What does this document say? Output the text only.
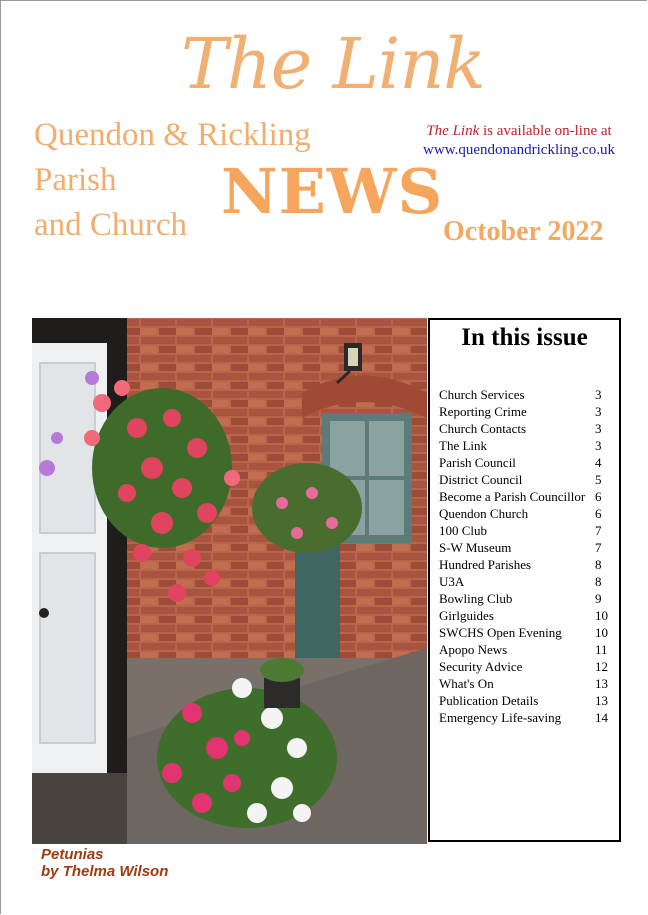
The Link
Quendon & Rickling
Parish
and Church NEWS
The Link is available on-line at
www.quendonandrickling.co.uk
October 2022
Petunias
by Thelma Wilson
In this issue
Church Services	3
Reporting Crime	3
Church Contacts	3
The Link	3
Parish Council	4
District Council	5
Become a Parish Councillor 6
Quendon Church	6
100 Club	7
S-W Museum	7
Hundred Parishes	8
U3A	8
Bowling Club	9
Girlguides	10
SWCHS Open Evening	10
Apopo News	11
Security Advice	12
What's On	13
Publication Details	13
Emergency Life-saving	14
